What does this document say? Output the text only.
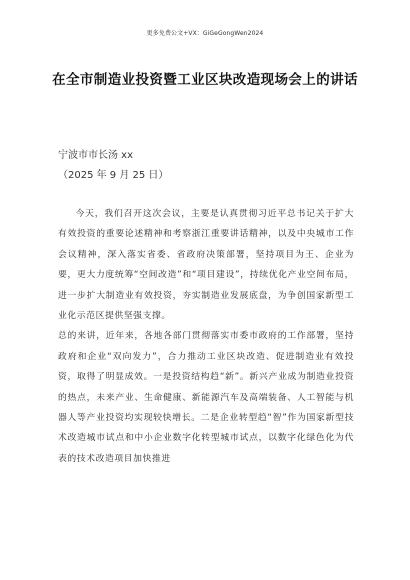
更多免费公文+VX：GiGeGongWen2024
在全市制造业投资暨工业区块改造现场会上的讲话
宁波市市长汤 xx
（2025 年 9 月 25 日）

今天，我们召开这次会议，主要是认真贯彻习近平总书记关于扩大有效投资的重要论述精神和考察浙江重要讲话精神，以及中央城市工作会议精神，深入落实省委、省政府决策部署，坚持项目为王、企业为要，更大力度统筹“空间改造”和“项目建设”，持续优化产业空间布局，进一步扩大制造业有效投资，夯实制造业发展底盘，为争创国家新型工业化示范区提供坚强支撑。

总的来讲，近年来，各地各部门贯彻落实市委市政府的工作部署，坚持政府和企业“双向发力”，合力推动工业区块改造、促进制造业有效投资，取得了明显成效。一是投资结构趋“新”。新兴产业成为制造业投资的热点，未来产业、生命健康、新能源汽车及高端装备、人工智能与机器人等产业投资均实现较快增长。二是企业转型趋“智”作为国家新型技术改造城市试点和中小企业数字化转型城市试点，以数字化绿色化为代表的技术改造项目加快推进
